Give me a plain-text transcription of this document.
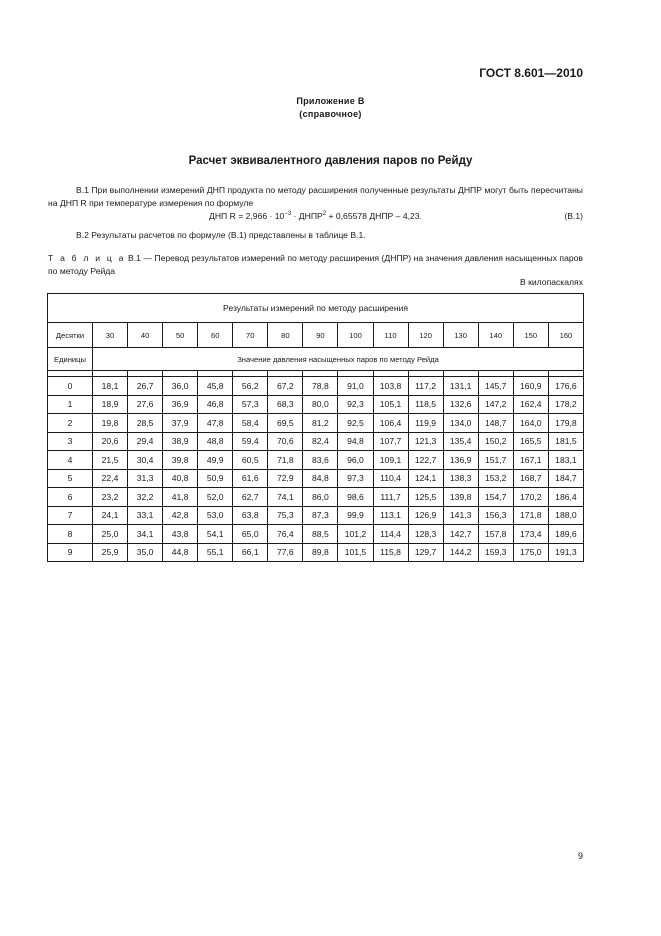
ГОСТ 8.601—2010
Приложение В
(справочное)
Расчет эквивалентного давления паров по Рейду
В.1 При выполнении измерений ДНП продукта по методу расширения полученные результаты ДНПР могут быть пересчитаны на ДНП R при температуре измерения по формуле
ДНП $R = 2,966 \cdot 10^{-3}$ · $ДНПР^2 + 0,65578$ ДНПР – 4,23.	(В.1)
В.2 Результаты расчетов по формуле (В.1) представлены в таблице В.1.
Т а б л и ц а В.1 — Перевод результатов измерений по методу расширения (ДНПР) на значения давления насыщенных паров по методу Рейда
В килопаскалях
Результаты измерений по методу расширения														
Десятки	30	40	50	60	70	80	90	100	110	120	130	140	150	160
Единицы	Значение давления насыщенных паров по методу Рейда													

0	18,1	26,7	36,0	45,8	56,2	67,2	78,8	91,0	103,8	117,2	131,1	145,7	160,9	176,6
1	18,9	27,6	36,9	46,8	57,3	68,3	80,0	92,3	105,1	118,5	132,6	147,2	162,4	178,2
2	19,8	28,5	37,9	47,8	58,4	69,5	81,2	92,5	106,4	119,9	134,0	148,7	164,0	179,8
3	20,6	29,4	38,9	48,8	59,4	70,6	82,4	94,8	107,7	121,3	135,4	150,2	165,5	181,5
4	21,5	30,4	39,8	49,9	60,5	71,8	83,6	96,0	109,1	122,7	136,9	151,7	167,1	183,1
5	22,4	31,3	40,8	50,9	61,6	72,9	84,8	97,3	110,4	124,1	138,3	153,2	168,7	184,7
6	23,2	32,2	41,8	52,0	62,7	74,1	86,0	98,6	111,7	125,5	139,8	154,7	170,2	186,4
7	24,1	33,1	42,8	53,0	63,8	75,3	87,3	99,9	113,1	126,9	141,3	156,3	171,8	188,0
8	25,0	34,1	43,8	54,1	65,0	76,4	88,5	101,2	114,4	128,3	142,7	157,8	173,4	189,6
9	25,9	35,0	44,8	55,1	66,1	77,6	89,8	101,5	115,8	129,7	144,2	159,3	175,0	191,3
9
